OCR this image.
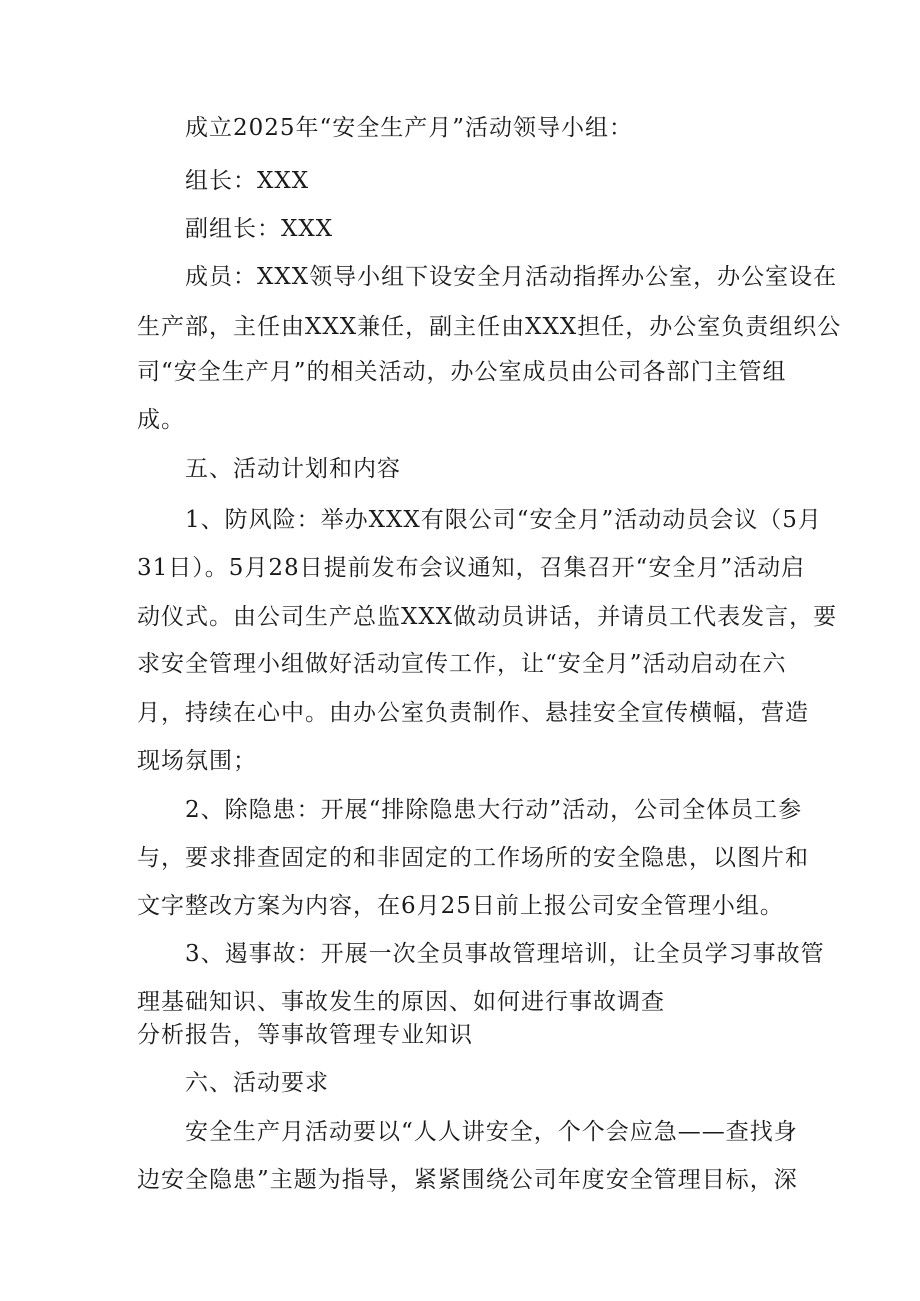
成立2025年“安全生产月”活动领导小组：
组长：XXX
副组长：XXX
成员：XXX领导小组下设安全月活动指挥办公室，办公室设在
生产部，主任由XXX兼任，副主任由XXX担任，办公室负责组织公
司“安全生产月”的相关活动，办公室成员由公司各部门主管组
成。
五、活动计划和内容
1、防风险：举办XXX有限公司“安全月”活动动员会议（5月
31日）。5月28日提前发布会议通知，召集召开“安全月”活动启
动仪式。由公司生产总监XXX做动员讲话，并请员工代表发言，要
求安全管理小组做好活动宣传工作，让“安全月”活动启动在六
月，持续在心中。由办公室负责制作、悬挂安全宣传横幅，营造
现场氛围；
2、除隐患：开展“排除隐患大行动”活动，公司全体员工参
与，要求排查固定的和非固定的工作场所的安全隐患，以图片和
文字整改方案为内容，在6月25日前上报公司安全管理小组。
3、遏事故：开展一次全员事故管理培训，让全员学习事故管
理基础知识、事故发生的原因、如何进行事故调查
分析报告，等事故管理专业知识
六、活动要求
安全生产月活动要以“人人讲安全，个个会应急——查找身
边安全隐患”主题为指导，紧紧围绕公司年度安全管理目标，深
